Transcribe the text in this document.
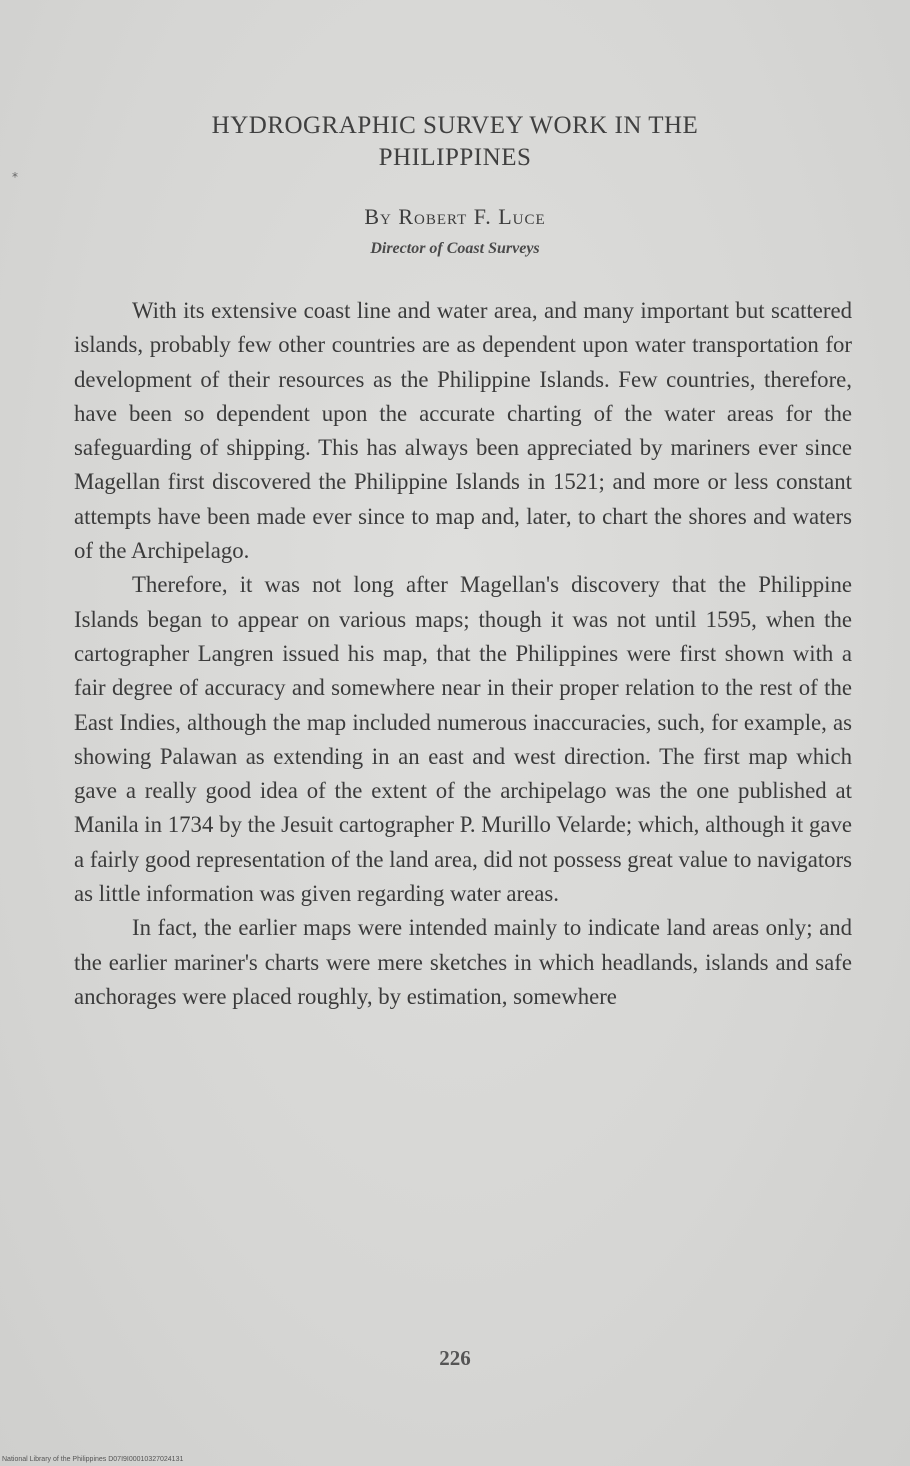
*
HYDROGRAPHIC SURVEY WORK IN THE
PHILIPPINES
By Robert F. Luce
Director of Coast Surveys

With its extensive coast line and water area, and many important but scattered islands, probably few other countries are as dependent upon water transportation for development of their resources as the Philippine Islands. Few countries, therefore, have been so dependent upon the accurate charting of the water areas for the safeguarding of shipping. This has always been appreciated by mariners ever since Magellan first discovered the Philippine Islands in 1521; and more or less constant attempts have been made ever since to map and, later, to chart the shores and waters of the Archipelago.

Therefore, it was not long after Magellan's discovery that the Philippine Islands began to appear on various maps; though it was not until 1595, when the cartographer Langren issued his map, that the Philippines were first shown with a fair degree of accuracy and somewhere near in their proper relation to the rest of the East Indies, although the map included numerous inaccuracies, such, for example, as showing Palawan as extending in an east and west direction. The first map which gave a really good idea of the extent of the archipelago was the one published at Manila in 1734 by the Jesuit cartographer P. Murillo Velarde; which, although it gave a fairly good representation of the land area, did not possess great value to navigators as little information was given regarding water areas.

In fact, the earlier maps were intended mainly to indicate land areas only; and the earlier mariner's charts were mere sketches in which headlands, islands and safe anchorages were placed roughly, by estimation, somewhere

226
National Library of the Philippines D07I9I00010327024131
